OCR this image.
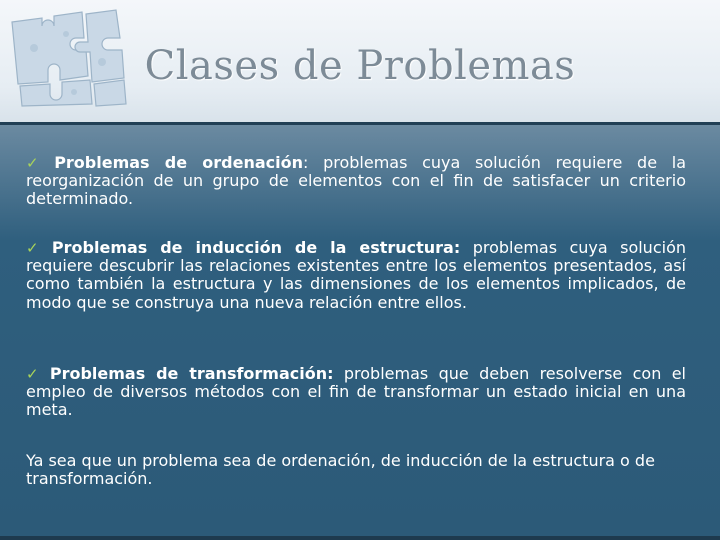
Clases de Problemas
✓ Problemas de ordenación: problemas cuya solución requiere de la reorganización de un grupo de elementos con el fin de satisfacer un criterio determinado.
✓ Problemas de inducción de la estructura: problemas cuya solución requiere descubrir las relaciones existentes entre los elementos presentados, así como también la estructura y las dimensiones de los elementos implicados, de modo que se construya una nueva relación entre ellos.
✓ Problemas de transformación: problemas que deben resolverse con el empleo de diversos métodos con el fin de transformar un estado inicial en una meta.
Ya sea que un problema sea de ordenación, de inducción de la estructura o de transformación.
